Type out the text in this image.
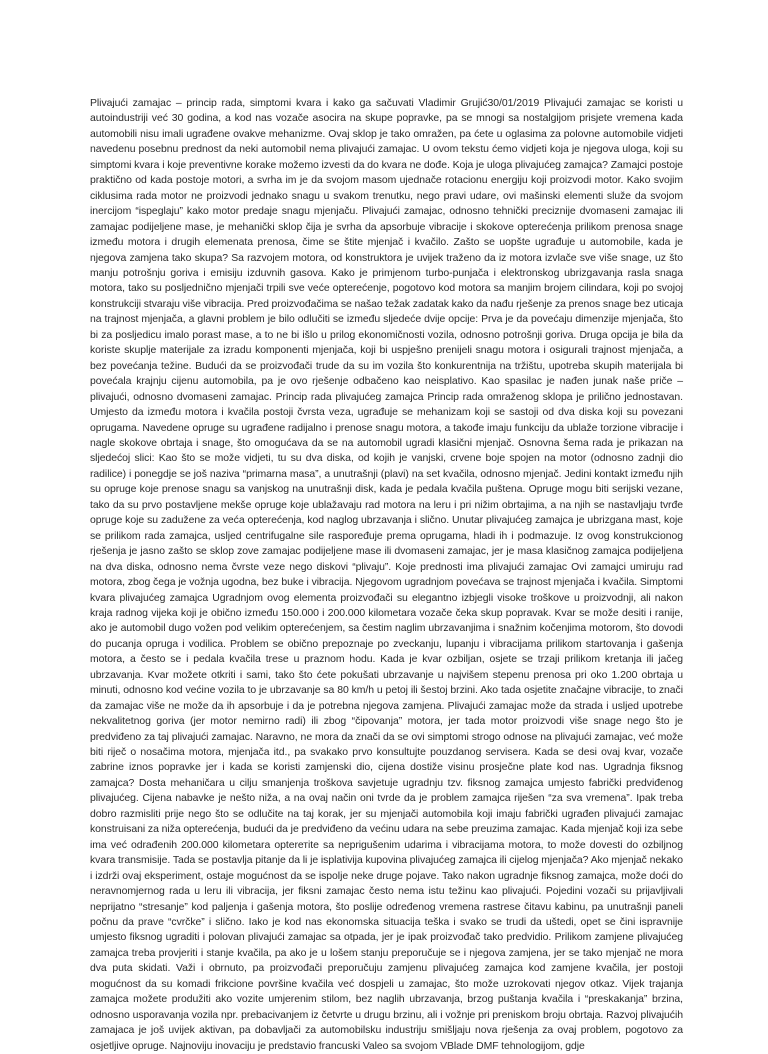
Plivajući zamajac – princip rada, simptomi kvara i kako ga sačuvati Vladimir Grujić30/01/2019 Plivajući zamajac se koristi u autoindustriji već 30 godina, a kod nas vozače asocira na skupe popravke, pa se mnogi sa nostalgijom prisjete vremena kada automobili nisu imali ugrađene ovakve mehanizme. Ovaj sklop je tako omražen, pa ćete u oglasima za polovne automobile vidjeti navedenu posebnu prednost da neki automobil nema plivajući zamajac. U ovom tekstu ćemo vidjeti koja je njegova uloga, koji su simptomi kvara i koje preventivne korake možemo izvesti da do kvara ne dođe. Koja je uloga plivajućeg zamajca? Zamajci postoje praktično od kada postoje motori, a svrha im je da svojom masom ujednače rotacionu energiju koji proizvodi motor. Kako svojim ciklusima rada motor ne proizvodi jednako snagu u svakom trenutku, nego pravi udare, ovi mašinski elementi služe da svojom inercijom “ispeglaju” kako motor predaje snagu mjenjaču. Plivajući zamajac, odnosno tehnički preciznije dvomaseni zamajac ili zamajac podijeljene mase, je mehanički sklop čija je svrha da apsorbuje vibracije i skokove opterećenja prilikom prenosa snage između motora i drugih elemenata prenosa, čime se štite mjenjač i kvačilo. Zašto se uopšte ugrađuje u automobile, kada je njegova zamjena tako skupa? Sa razvojem motora, od konstruktora je uvijek traženo da iz motora izvlače sve više snage, uz što manju potrošnju goriva i emisiju izduvnih gasova. Kako je primjenom turbo-punjača i elektronskog ubrizgavanja rasla snaga motora, tako su posljednično mjenjači trpili sve veće opterećenje, pogotovo kod motora sa manjim brojem cilindara, koji po svojoj konstrukciji stvaraju više vibracija. Pred proizvođačima se našao težak zadatak kako da nađu rješenje za prenos snage bez uticaja na trajnost mjenjača, a glavni problem je bilo odlučiti se između sljedeće dvije opcije: Prva je da povećaju dimenzije mjenjača, što bi za posljedicu imalo porast mase, a to ne bi išlo u prilog ekonomičnosti vozila, odnosno potrošnji goriva. Druga opcija je bila da koriste skuplje materijale za izradu komponenti mjenjača, koji bi uspješno prenijeli snagu motora i osigurali trajnost mjenjača, a bez povećanja težine. Budući da se proizvođači trude da su im vozila što konkurentnija na tržištu, upotreba skupih materijala bi povećala krajnju cijenu automobila, pa je ovo rješenje odbačeno kao neisplativo. Kao spasilac je nađen junak naše priče – plivajući, odnosno dvomaseni zamajac. Princip rada plivajućeg zamajca Princip rada omraženog sklopa je prilično jednostavan. Umjesto da između motora i kvačila postoji čvrsta veza, ugrađuje se mehanizam koji se sastoji od dva diska koji su povezani oprugama. Navedene opruge su ugrađene radijalno i prenose snagu motora, a takođe imaju funkciju da ublaže torzione vibracije i nagle skokove obrtaja i snage, što omogućava da se na automobil ugradi klasični mjenjač. Osnovna šema rada je prikazan na sljedećoj slici: Kao što se može vidjeti, tu su dva diska, od kojih je vanjski, crvene boje spojen na motor (odnosno zadnji dio radilice) i ponegdje se još naziva “primarna masa”, a unutrašnji (plavi) na set kvačila, odnosno mjenjač. Jedini kontakt između njih su opruge koje prenose snagu sa vanjskog na unutrašnji disk, kada je pedala kvačila puštena. Opruge mogu biti serijski vezane, tako da su prvo postavljene mekše opruge koje ublažavaju rad motora na leru i pri nižim obrtajima, a na njih se nastavljaju tvrđe opruge koje su zadužene za veća opterećenja, kod naglog ubrzavanja i slično. Unutar plivajućeg zamajca je ubrizgana mast, koje se prilikom rada zamajca, usljed centrifugalne sile raspoređuje prema oprugama, hladi ih i podmazuje. Iz ovog konstrukcionog rješenja je jasno zašto se sklop zove zamajac podijeljene mase ili dvomaseni zamajac, jer je masa klasičnog zamajca podijeljena na dva diska, odnosno nema čvrste veze nego diskovi “plivaju”. Koje prednosti ima plivajući zamajac Ovi zamajci umiruju rad motora, zbog čega je vožnja ugodna, bez buke i vibracija. Njegovom ugradnjom povećava se trajnost mjenjača i kvačila. Simptomi kvara plivajućeg zamajca Ugradnjom ovog elementa proizvođači su elegantno izbjegli visoke troškove u proizvodnji, ali nakon kraja radnog vijeka koji je obično između 150.000 i 200.000 kilometara vozače čeka skup popravak. Kvar se može desiti i ranije, ako je automobil dugo vožen pod velikim opterećenjem, sa čestim naglim ubrzavanjima i snažnim kočenjima motorom, što dovodi do pucanja opruga i vodilica. Problem se obično prepoznaje po zveckanju, lupanju i vibracijama prilikom startovanja i gašenja motora, a često se i pedala kvačila trese u praznom hodu. Kada je kvar ozbiljan, osjete se trzaji prilikom kretanja ili jačeg ubrzavanja. Kvar možete otkriti i sami, tako što ćete pokušati ubrzavanje u najvišem stepenu prenosa pri oko 1.200 obrtaja u minuti, odnosno kod većine vozila to je ubrzavanje sa 80 km/h u petoj ili šestoj brzini. Ako tada osjetite značajne vibracije, to znači da zamajac više ne može da ih apsorbuje i da je potrebna njegova zamjena. Plivajući zamajac može da strada i usljed upotrebe nekvalitetnog goriva (jer motor nemirno radi) ili zbog “čipovanja” motora, jer tada motor proizvodi više snage nego što je predviđeno za taj plivajući zamajac. Naravno, ne mora da znači da se ovi simptomi strogo odnose na plivajući zamajac, već može biti riječ o nosačima motora, mjenjača itd., pa svakako prvo konsultujte pouzdanog servisera. Kada se desi ovaj kvar, vozače zabrine iznos popravke jer i kada se koristi zamjenski dio, cijena dostiže visinu prosječne plate kod nas. Ugradnja fiksnog zamajca? Dosta mehaničara u cilju smanjenja troškova savjetuje ugradnju tzv. fiksnog zamajca umjesto fabrički predviđenog plivajućeg. Cijena nabavke je nešto niža, a na ovaj način oni tvrde da je problem zamajca riješen “za sva vremena”. Ipak treba dobro razmisliti prije nego što se odlučite na taj korak, jer su mjenjači automobila koji imaju fabrički ugrađen plivajući zamajac konstruisani za niža opterećenja, budući da je predviđeno da većinu udara na sebe preuzima zamajac. Kada mjenjač koji iza sebe ima već odrađenih 200.000 kilometara opterетite sa neprigušenim udarima i vibracijama motora, to može dovesti do ozbiljnog kvara transmisije. Tada se postavlja pitanje da li je isplativija kupovina plivajućeg zamajca ili cijelog mjenjača? Ako mjenjač nekako i izdrži ovaj eksperiment, ostaje mogućnost da se ispolje neke druge pojave. Tako nakon ugradnje fiksnog zamajca, može doći do neravnomjernog rada u leru ili vibracija, jer fiksni zamajac često nema istu težinu kao plivajući. Pojedini vozači su prijavljivali neprijatno “stresanje” kod paljenja i gašenja motora, što poslije određenog vremena rastrese čitavu kabinu, pa unutrašnji paneli počnu da prave “cvrčke” i slično. Iako je kod nas ekonomska situacija teška i svako se trudi da uštedi, opet se čini ispravnije umjesto fiksnog ugraditi i polovan plivajući zamajac sa otpada, jer je ipak proizvođač tako predvidio. Prilikom zamjene plivajućeg zamajca treba provjeriti i stanje kvačila, pa ako je u lošem stanju preporučuje se i njegova zamjena, jer se tako mjenjač ne mora dva puta skidati. Važi i obrnuto, pa proizvođači preporučuju zamjenu plivajućeg zamajca kod zamjene kvačila, jer postoji mogućnost da su komadi frikcione površine kvačila već dospjeli u zamajac, što može uzrokovati njegov otkaz. Vijek trajanja zamajca možete produžiti ako vozite umjerenim stilom, bez naglih ubrzavanja, brzog puštanja kvačila i “preskakanja” brzina, odnosno usporavanja vozila npr. prebacivanjem iz četvrte u drugu brzinu, ali i vožnje pri preniskom broju obrtaja. Razvoj plivajućih zamajaca je još uvijek aktivan, pa dobavljači za automobilsku industriju smišljaju nova rješenja za ovaj problem, pogotovo za osjetljive opruge. Najnoviju inovaciju je predstavio francuski Valeo sa svojom VBlade DMF tehnologijom, gdje
